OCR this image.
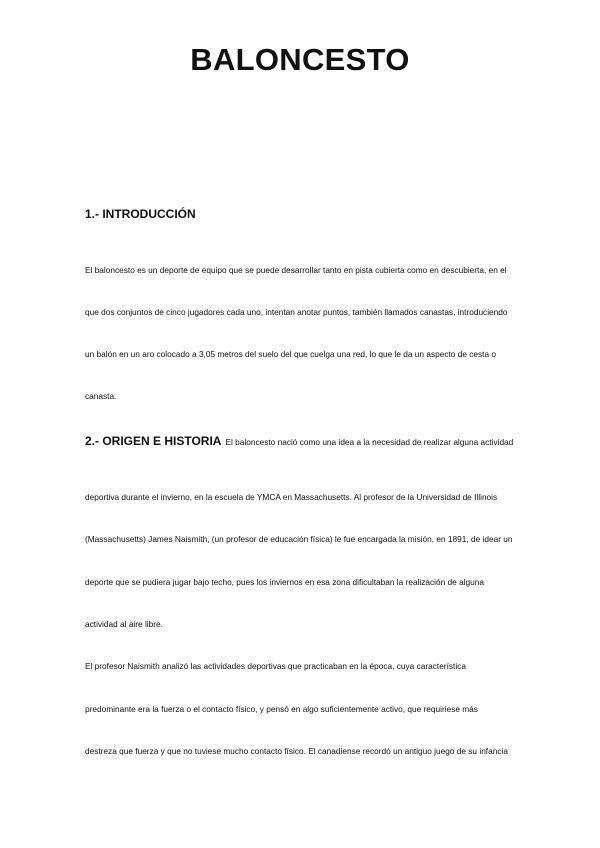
BALONCESTO
1.- INTRODUCCIÓN
El baloncesto es un deporte de equipo que se puede desarrollar tanto en pista cubierta como en descubierta, en el
que dos conjuntos de cinco jugadores cada uno, intentan anotar puntos, también llamados canastas, introduciendo
un balón en un aro colocado a 3,05 metros del suelo del que cuelga una red, lo que le da un aspecto de cesta o
canasta.
2.- ORIGEN E HISTORIA El baloncesto nació como una idea a la necesidad de realizar alguna actividad
deportiva durante el invierno, en la escuela de YMCA en Massachusetts. Al profesor de la Universidad de Illinois
(Massachusetts) James Naismith, (un profesor de educación física) le fue encargada la misión, en 1891, de idear un
deporte que se pudiera jugar bajo techo, pues los inviernos en esa zona dificultaban la realización de alguna
actividad al aire libre.
El profesor Naismith analizó las actividades deportivas que practicaban en la época, cuya característica
predominante era la fuerza o el contacto físico, y pensó en algo suficientemente activo, que requiriese más
destreza que fuerza y que no tuviese mucho contacto físico. El canadiense recordó un antiguo juego de su infancia
